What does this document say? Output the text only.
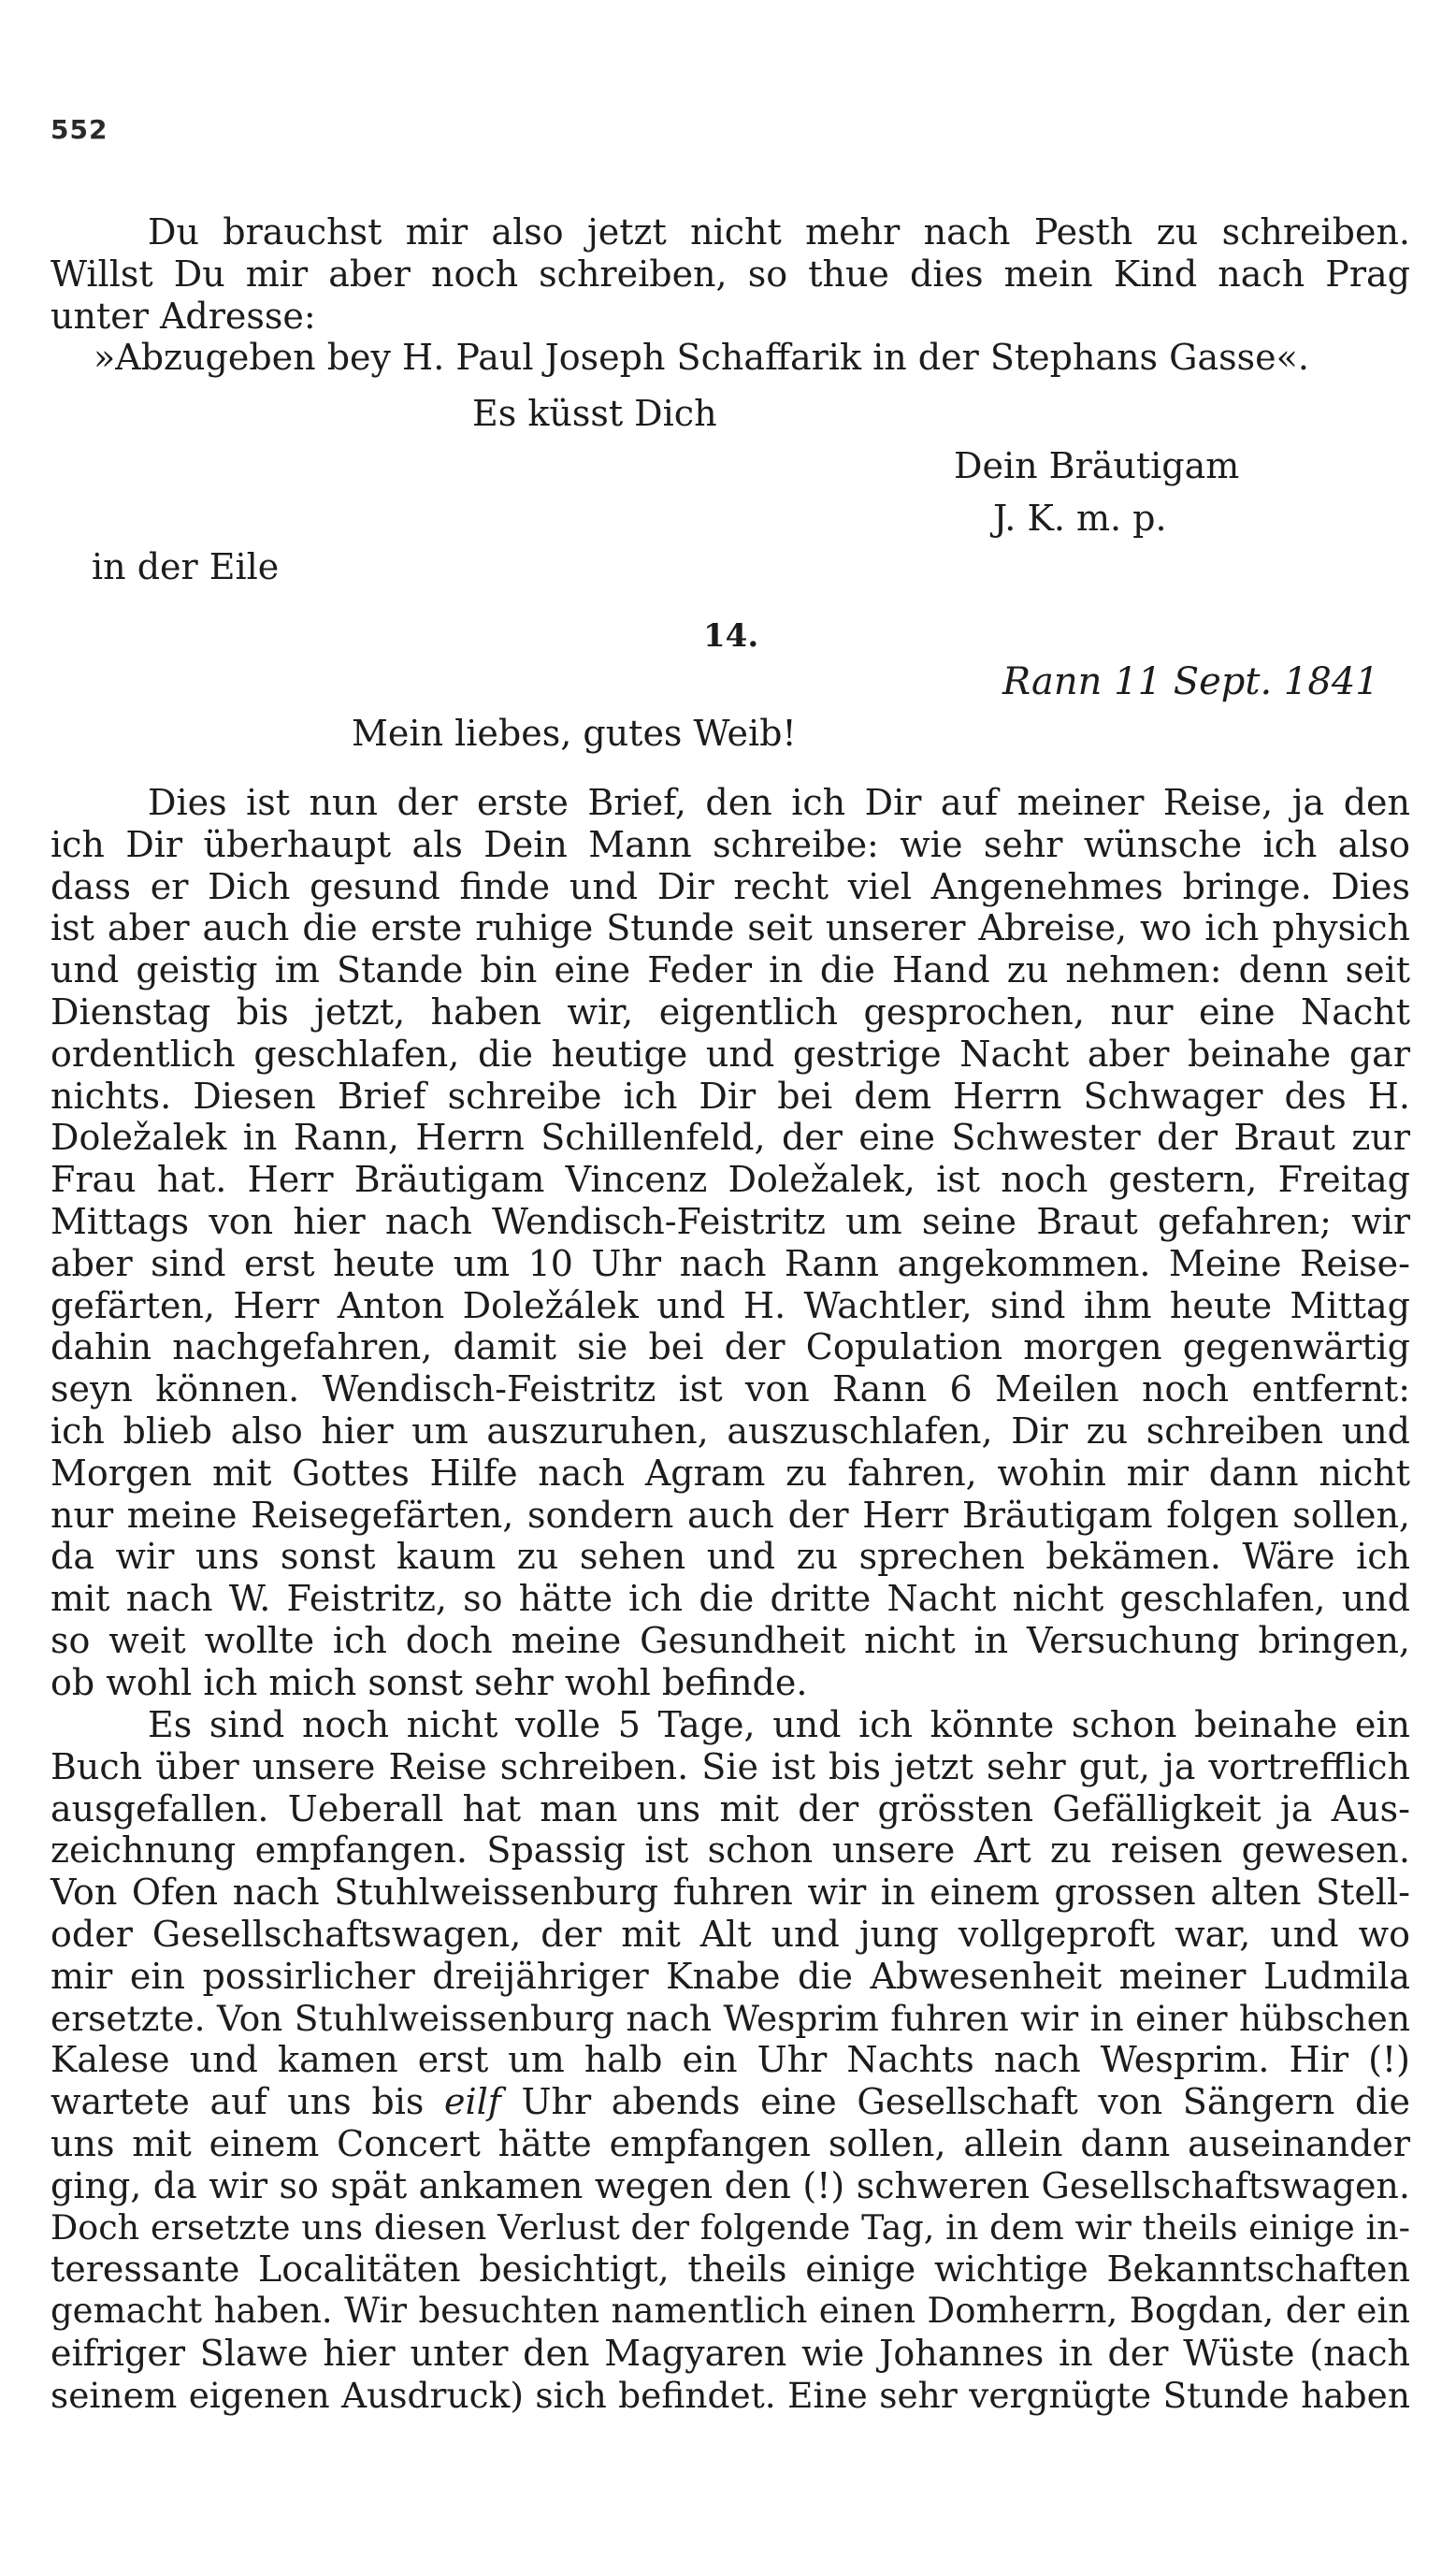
552
Du brauchst mir also jetzt nicht mehr nach Pesth zu schreiben.
Willst Du mir aber noch schreiben, so thue dies mein Kind nach Prag
unter Adresse:
»Abzugeben bey H. Paul Joseph Schaffarik in der Stephans Gasse«.
Es küsst Dich
Dein Bräutigam
J. K. m. p.
in der Eile
14.
Rann 11 Sept. 1841
Mein liebes, gutes Weib!
Dies ist nun der erste Brief, den ich Dir auf meiner Reise, ja den
ich Dir überhaupt als Dein Mann schreibe: wie sehr wünsche ich also
dass er Dich gesund finde und Dir recht viel Angenehmes bringe. Dies
ist aber auch die erste ruhige Stunde seit unserer Abreise, wo ich physich
und geistig im Stande bin eine Feder in die Hand zu nehmen: denn seit
Dienstag bis jetzt, haben wir, eigentlich gesprochen, nur eine Nacht
ordentlich geschlafen, die heutige und gestrige Nacht aber beinahe gar
nichts. Diesen Brief schreibe ich Dir bei dem Herrn Schwager des H.
Doležalek in Rann, Herrn Schillenfeld, der eine Schwester der Braut zur
Frau hat. Herr Bräutigam Vincenz Doležalek, ist noch gestern, Freitag
Mittags von hier nach Wendisch-Feistritz um seine Braut gefahren; wir
aber sind erst heute um 10 Uhr nach Rann angekommen. Meine Reise-
gefärten, Herr Anton Doležálek und H. Wachtler, sind ihm heute Mittag
dahin nachgefahren, damit sie bei der Copulation morgen gegenwärtig
seyn können. Wendisch-Feistritz ist von Rann 6 Meilen noch entfernt:
ich blieb also hier um auszuruhen, auszuschlafen, Dir zu schreiben und
Morgen mit Gottes Hilfe nach Agram zu fahren, wohin mir dann nicht
nur meine Reisegefärten, sondern auch der Herr Bräutigam folgen sollen,
da wir uns sonst kaum zu sehen und zu sprechen bekämen. Wäre ich
mit nach W. Feistritz, so hätte ich die dritte Nacht nicht geschlafen, und
so weit wollte ich doch meine Gesundheit nicht in Versuchung bringen,
ob wohl ich mich sonst sehr wohl befinde.
Es sind noch nicht volle 5 Tage, und ich könnte schon beinahe ein
Buch über unsere Reise schreiben. Sie ist bis jetzt sehr gut, ja vortrefflich
ausgefallen. Ueberall hat man uns mit der grössten Gefälligkeit ja Aus-
zeichnung empfangen. Spassig ist schon unsere Art zu reisen gewesen.
Von Ofen nach Stuhlweissenburg fuhren wir in einem grossen alten Stell-
oder Gesellschaftswagen, der mit Alt und jung vollgeproft war, und wo
mir ein possirlicher dreijähriger Knabe die Abwesenheit meiner Ludmila
ersetzte. Von Stuhlweissenburg nach Wesprim fuhren wir in einer hübschen
Kalese und kamen erst um halb ein Uhr Nachts nach Wesprim. Hir (!)
wartete auf uns bis eilf Uhr abends eine Gesellschaft von Sängern die
uns mit einem Concert hätte empfangen sollen, allein dann auseinander
ging, da wir so spät ankamen wegen den (!) schweren Gesellschaftswagen.
Doch ersetzte uns diesen Verlust der folgende Tag, in dem wir theils einige in-
teressante Localitäten besichtigt, theils einige wichtige Bekanntschaften
gemacht haben. Wir besuchten namentlich einen Domherrn, Bogdan, der ein
eifriger Slawe hier unter den Magyaren wie Johannes in der Wüste (nach
seinem eigenen Ausdruck) sich befindet. Eine sehr vergnügte Stunde haben
